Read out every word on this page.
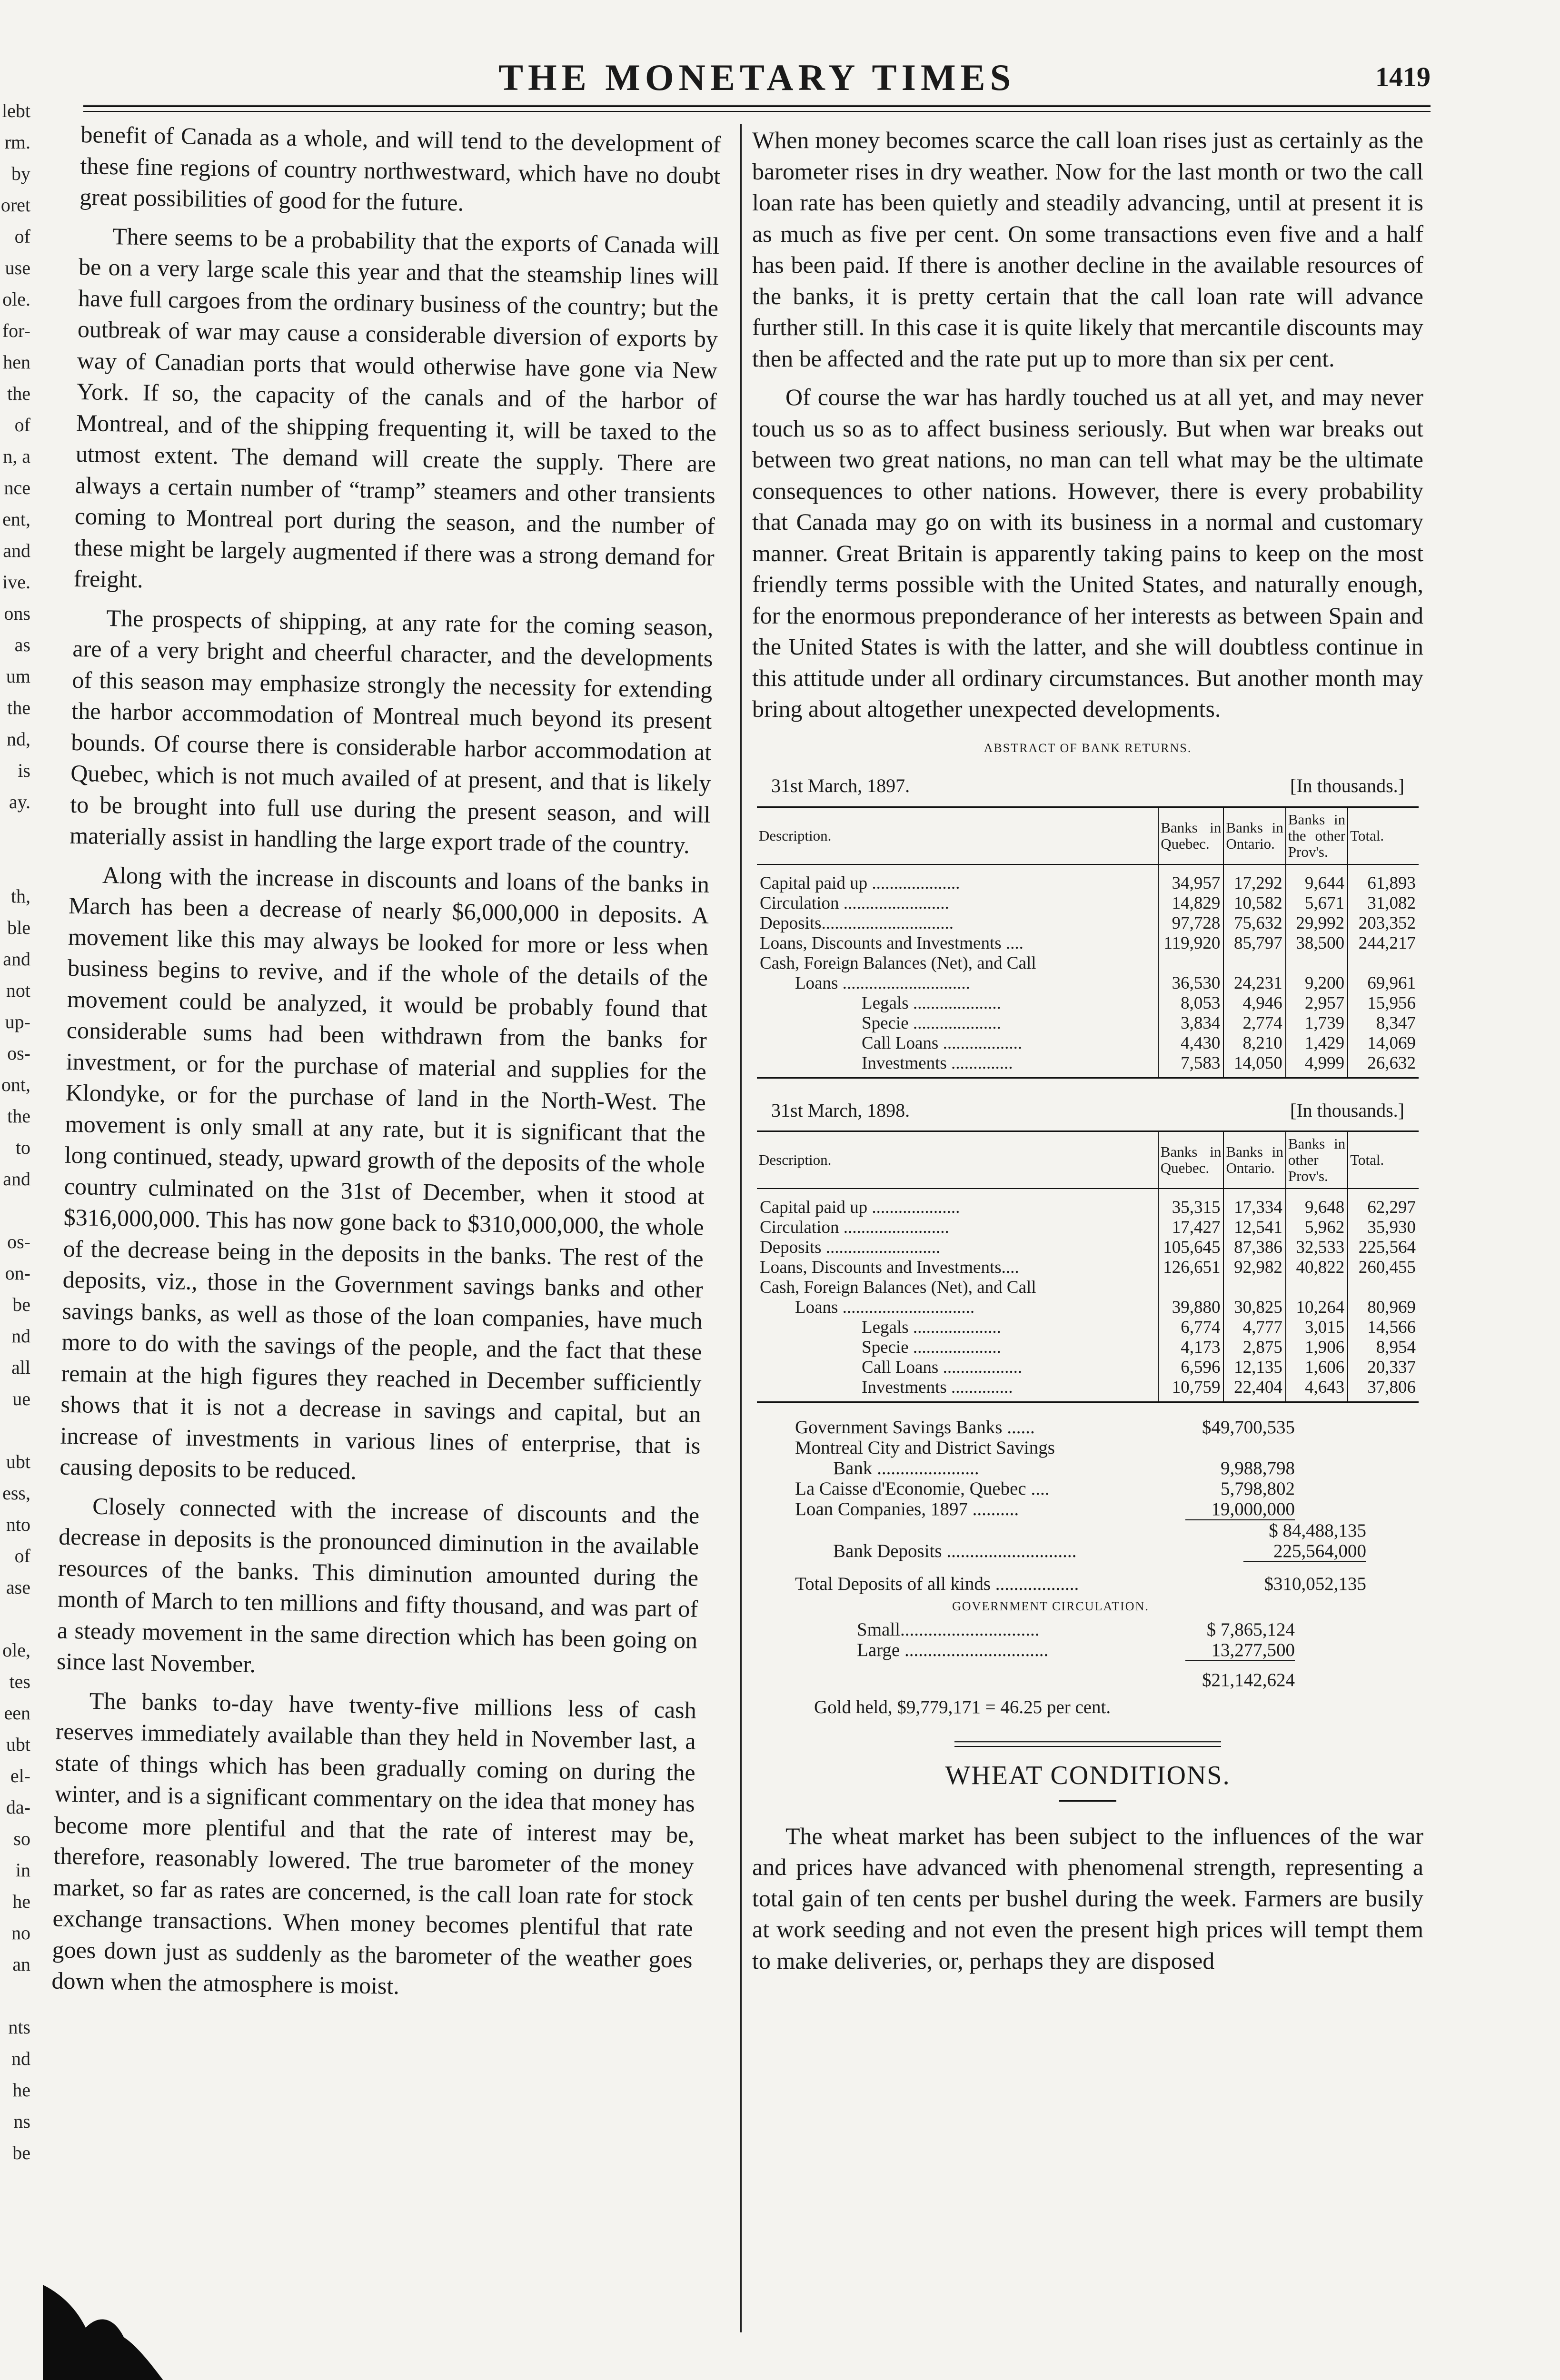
lebt
rm.
by
oret
of
use
ole.
for-
hen
the
of
n, a
nce
ent,
and
ive.
ons
as
um
the
nd,
is
ay.
th,
ble
and
not
up-
os-
ont,
the
to
and
os-
on-
be
nd
all
ue
ubt
ess,
nto
of
ase
ole,
tes
een
ubt
el-
da-
so
in
he
no
an
nts
nd
he
ns
be
THE MONETARY TIMES	1419

benefit of Canada as a whole, and will tend to the development of these fine regions of country northwestward, which have no doubt great possibilities of good for the future.

There seems to be a probability that the exports of Canada will be on a very large scale this year and that the steamship lines will have full cargoes from the ordinary business of the country; but the outbreak of war may cause a considerable diversion of exports by way of Canadian ports that would otherwise have gone via New York. If so, the capacity of the canals and of the harbor of Montreal, and of the shipping frequenting it, will be taxed to the utmost extent. The demand will create the supply. There are always a certain number of “tramp” steamers and other transients coming to Montreal port during the season, and the number of these might be largely augmented if there was a strong demand for freight.

The prospects of shipping, at any rate for the coming season, are of a very bright and cheerful character, and the developments of this season may emphasize strongly the necessity for extending the harbor accommodation of Montreal much beyond its present bounds. Of course there is considerable harbor accommodation at Quebec, which is not much availed of at present, and that is likely to be brought into full use during the present season, and will materially assist in handling the large export trade of the country.

Along with the increase in discounts and loans of the banks in March has been a decrease of nearly $6,000,000 in deposits. A movement like this may always be looked for more or less when business begins to revive, and if the whole of the details of the movement could be analyzed, it would be probably found that considerable sums had been withdrawn from the banks for investment, or for the purchase of material and supplies for the Klondyke, or for the purchase of land in the North-West. The movement is only small at any rate, but it is significant that the long continued, steady, upward growth of the deposits of the whole country culminated on the 31st of December, when it stood at $316,000,000. This has now gone back to $310,000,000, the whole of the decrease being in the deposits in the banks. The rest of the deposits, viz., those in the Government savings banks and other savings banks, as well as those of the loan companies, have much more to do with the savings of the people, and the fact that these remain at the high figures they reached in December sufficiently shows that it is not a decrease in savings and capital, but an increase of investments in various lines of enterprise, that is causing deposits to be reduced.

Closely connected with the increase of discounts and the decrease in deposits is the pronounced diminution in the available resources of the banks. This diminution amounted during the month of March to ten millions and fifty thousand, and was part of a steady movement in the same direction which has been going on since last November.

The banks to-day have twenty-five millions less of cash reserves immediately available than they held in November last, a state of things which has been gradually coming on during the winter, and is a significant commentary on the idea that money has become more plentiful and that the rate of interest may be, therefore, reasonably lowered. The true barometer of the money market, so far as rates are concerned, is the call loan rate for stock exchange transactions. When money becomes plentiful that rate goes down just as suddenly as the barometer of the weather goes down when the atmosphere is moist.

When money becomes scarce the call loan rises just as certainly as the barometer rises in dry weather. Now for the last month or two the call loan rate has been quietly and steadily advancing, until at present it is as much as five per cent. On some transactions even five and a half has been paid. If there is another decline in the available resources of the banks, it is pretty certain that the call loan rate will advance further still. In this case it is quite likely that mercantile discounts may then be affected and the rate put up to more than six per cent.

Of course the war has hardly touched us at all yet, and may never touch us so as to affect business seriously. But when war breaks out between two great nations, no man can tell what may be the ultimate consequences to other nations. However, there is every probability that Canada may go on with its business in a normal and customary manner. Great Britain is apparently taking pains to keep on the most friendly terms possible with the United States, and naturally enough, for the enormous preponderance of her interests as between Spain and the United States is with the latter, and she will doubtless continue in this attitude under all ordinary circumstances. But another month may bring about altogether unexpected developments.

ABSTRACT OF BANK RETURNS.
31st March, 1897.	[In thousands.]
Description.	Banks in Quebec.	Banks in Ontario.	Banks in the other Prov's.	Total.

Capital paid up ....................	34,957	17,292	9,644	61,893
Circulation ........................	14,829	10,582	5,671	31,082
Deposits..............................	97,728	75,632	29,992	203,352
Loans, Discounts and Investments ....	119,920	85,797	38,500	244,217
Cash, Foreign Balances (Net), and Call				
Loans .............................	36,530	24,231	9,200	69,961
Legals ....................	8,053	4,946	2,957	15,956
Specie ....................	3,834	2,774	1,739	8,347
Call Loans ..................	4,430	8,210	1,429	14,069
Investments ..............	7,583	14,050	4,999	26,632
31st March, 1898.	[In thousands.]
Description.	Banks in Quebec.	Banks in Ontario.	Banks in other Prov's.	Total.

Capital paid up ....................	35,315	17,334	9,648	62,297
Circulation ........................	17,427	12,541	5,962	35,930
Deposits ..........................	105,645	87,386	32,533	225,564
Loans, Discounts and Investments....	126,651	92,982	40,822	260,455
Cash, Foreign Balances (Net), and Call				
Loans ..............................	39,880	30,825	10,264	80,969
Legals ....................	6,774	4,777	3,015	14,566
Specie ....................	4,173	2,875	1,906	8,954
Call Loans ..................	6,596	12,135	1,606	20,337
Investments ..............	10,759	22,404	4,643	37,806
Government Savings Banks ......	$49,700,535
Montreal City and District Savings
Bank ......................	9,988,798
La Caisse d'Economie, Quebec ....	5,798,802
Loan Companies, 1897 ..........	19,000,000
$ 84,488,135
Bank Deposits ............................	225,564,000
Total Deposits of all kinds ..................	$310,052,135
GOVERNMENT CIRCULATION.
Small..............................	$ 7,865,124
Large ...............................	13,277,500
$21,142,624
Gold held, $9,779,171 = 46.25 per cent.
WHEAT CONDITIONS.

The wheat market has been subject to the influences of the war and prices have advanced with phenomenal strength, representing a total gain of ten cents per bushel during the week. Farmers are busily at work seeding and not even the present high prices will tempt them to make deliveries, or, perhaps they are disposed
